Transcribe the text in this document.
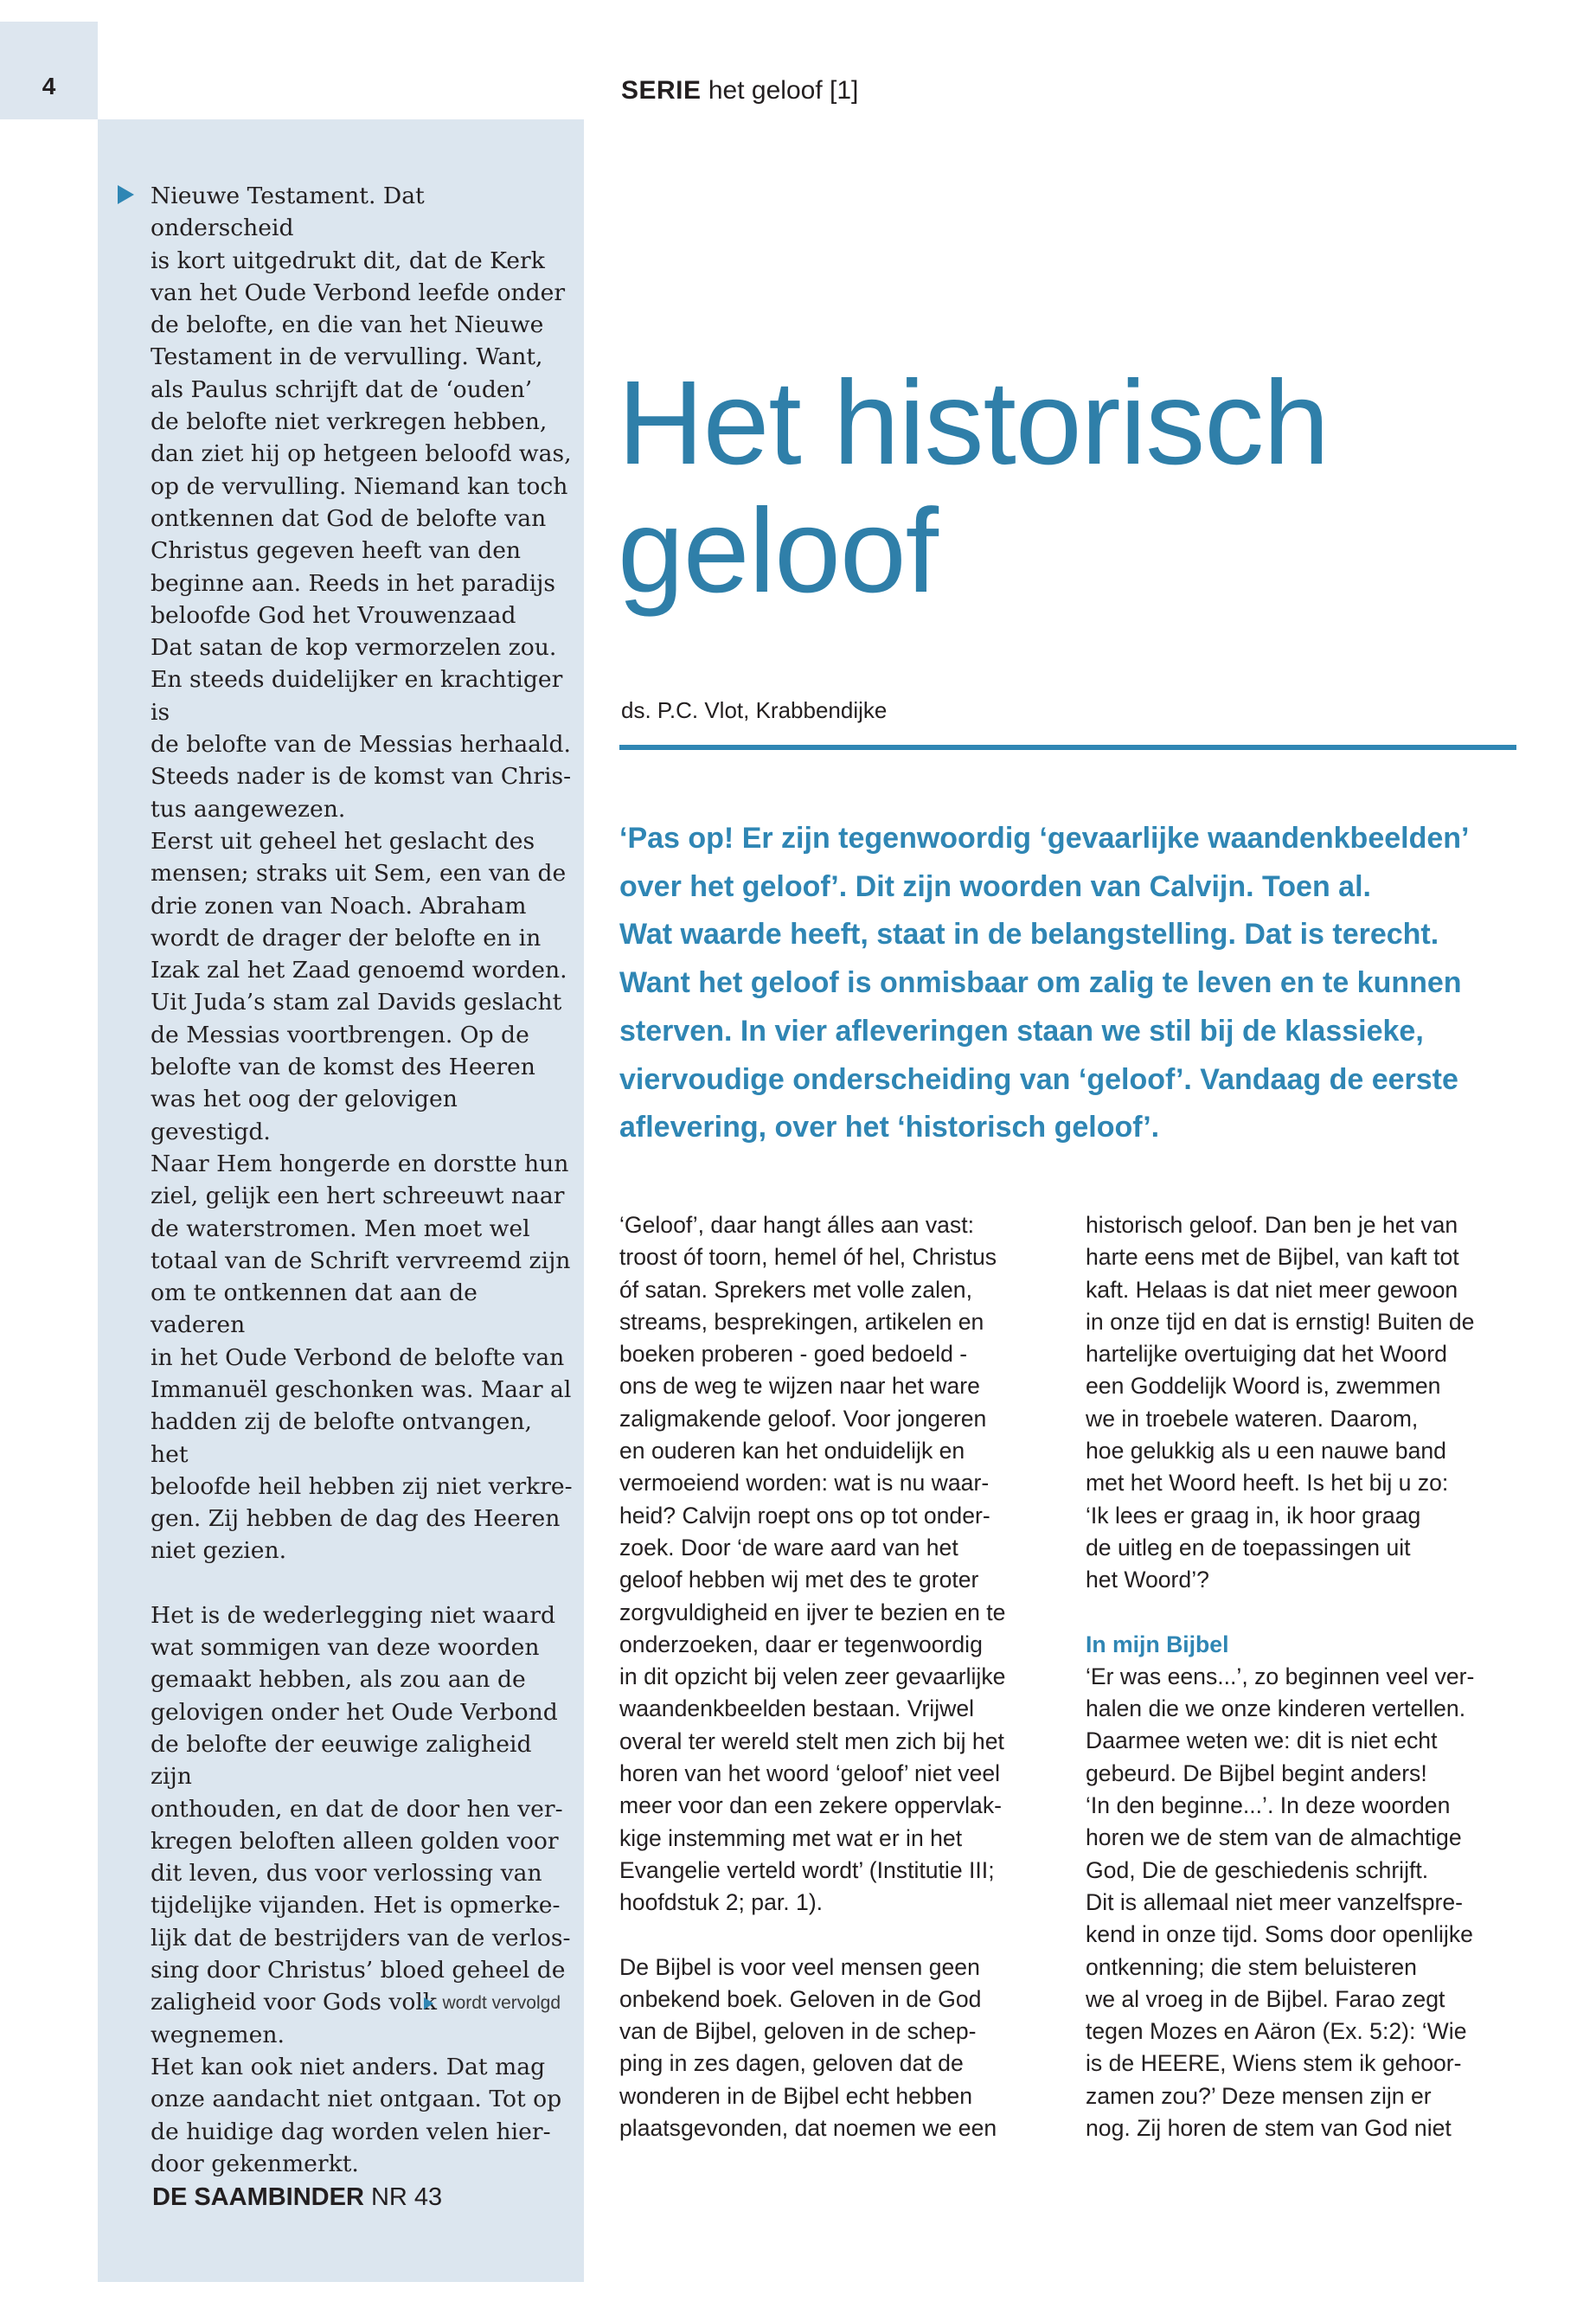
4	SERIE het geloof [1]

Nieuwe Testament. Dat onderscheid
is kort uitgedrukt dit, dat de Kerk
van het Oude Verbond leefde onder
de belofte, en die van het Nieuwe
Testament in de vervulling. Want,
als Paulus schrijft dat de ‘ouden’
de belofte niet verkregen hebben,
dan ziet hij op hetgeen beloofd was,
op de vervulling. Niemand kan toch
ontkennen dat God de belofte van
Christus gegeven heeft van den
beginne aan. Reeds in het paradijs
beloofde God het Vrouwenzaad
Dat satan de kop vermorzelen zou.
En steeds duidelijker en krachtiger is
de belofte van de Messias herhaald.
Steeds nader is de komst van Chris-
tus aangewezen.
Eerst uit geheel het geslacht des
mensen; straks uit Sem, een van de
drie zonen van Noach. Abraham
wordt de drager der belofte en in
Izak zal het Zaad genoemd worden.
Uit Juda’s stam zal Davids geslacht
de Messias voortbrengen. Op de
belofte van de komst des Heeren
was het oog der gelovigen gevestigd.
Naar Hem hongerde en dorstte hun
ziel, gelijk een hert schreeuwt naar
de waterstromen. Men moet wel
totaal van de Schrift vervreemd zijn
om te ontkennen dat aan de vaderen
in het Oude Verbond de belofte van
Immanuël geschonken was. Maar al
hadden zij de belofte ontvangen, het
beloofde heil hebben zij niet verkre-
gen. Zij hebben de dag des Heeren
niet gezien.

Het is de wederlegging niet waard
wat sommigen van deze woorden
gemaakt hebben, als zou aan de
gelovigen onder het Oude Verbond
de belofte der eeuwige zaligheid zijn
onthouden, en dat de door hen ver-
kregen beloften alleen golden voor
dit leven, dus voor verlossing van
tijdelijke vijanden. Het is opmerke-
lijk dat de bestrijders van de verlos-
sing door Christus’ bloed geheel de
zaligheid voor Gods volk wegnemen.
Het kan ook niet anders. Dat mag
onze aandacht niet ontgaan. Tot op
de huidige dag worden velen hier-
door gekenmerkt.

wordt vervolgd
DE SAAMBINDER NR 43
Het historisch
geloof
ds. P.C. Vlot, Krabbendijke

‘Pas op! Er zijn tegenwoordig ‘gevaarlijke waandenkbeelden’
over het geloof’. Dit zijn woorden van Calvijn. Toen al.
Wat waarde heeft, staat in de belangstelling. Dat is terecht.
Want het geloof is onmisbaar om zalig te leven en te kunnen
sterven. In vier afleveringen staan we stil bij de klassieke,
viervoudige onderscheiding van ‘geloof’. Vandaag de eerste
aflevering, over het ‘historisch geloof’.

‘Geloof’, daar hangt álles aan vast:
troost óf toorn, hemel óf hel, Christus
óf satan. Sprekers met volle zalen,
streams, besprekingen, artikelen en
boeken proberen - goed bedoeld -
ons de weg te wijzen naar het ware
zaligmakende geloof. Voor jongeren
en ouderen kan het onduidelijk en
vermoeiend worden: wat is nu waar-
heid? Calvijn roept ons op tot onder-
zoek. Door ‘de ware aard van het
geloof hebben wij met des te groter
zorgvuldigheid en ijver te bezien en te
onderzoeken, daar er tegenwoordig
in dit opzicht bij velen zeer gevaarlijke
waandenkbeelden bestaan. Vrijwel
overal ter wereld stelt men zich bij het
horen van het woord ‘geloof’ niet veel
meer voor dan een zekere oppervlak-
kige instemming met wat er in het
Evangelie verteld wordt’ (Institutie III;
hoofdstuk 2; par. 1).

De Bijbel is voor veel mensen geen
onbekend boek. Geloven in de God
van de Bijbel, geloven in de schep-
ping in zes dagen, geloven dat de
wonderen in de Bijbel echt hebben
plaatsgevonden, dat noemen we een

historisch geloof. Dan ben je het van
harte eens met de Bijbel, van kaft tot
kaft. Helaas is dat niet meer gewoon
in onze tijd en dat is ernstig! Buiten de
hartelijke overtuiging dat het Woord
een Goddelijk Woord is, zwemmen
we in troebele wateren. Daarom,
hoe gelukkig als u een nauwe band
met het Woord heeft. Is het bij u zo:
‘Ik lees er graag in, ik hoor graag
de uitleg en de toepassingen uit
het Woord’?

In mijn Bijbel

‘Er was eens...’, zo beginnen veel ver-
halen die we onze kinderen vertellen.
Daarmee weten we: dit is niet echt
gebeurd. De Bijbel begint anders!
‘In den beginne...’. In deze woorden
horen we de stem van de almachtige
God, Die de geschiedenis schrijft.
Dit is allemaal niet meer vanzelfspre-
kend in onze tijd. Soms door openlijke
ontkenning; die stem beluisteren
we al vroeg in de Bijbel. Farao zegt
tegen Mozes en Aäron (Ex. 5:2): ‘Wie
is de HEERE, Wiens stem ik gehoor-
zamen zou?’ Deze mensen zijn er
nog. Zij horen de stem van God niet
